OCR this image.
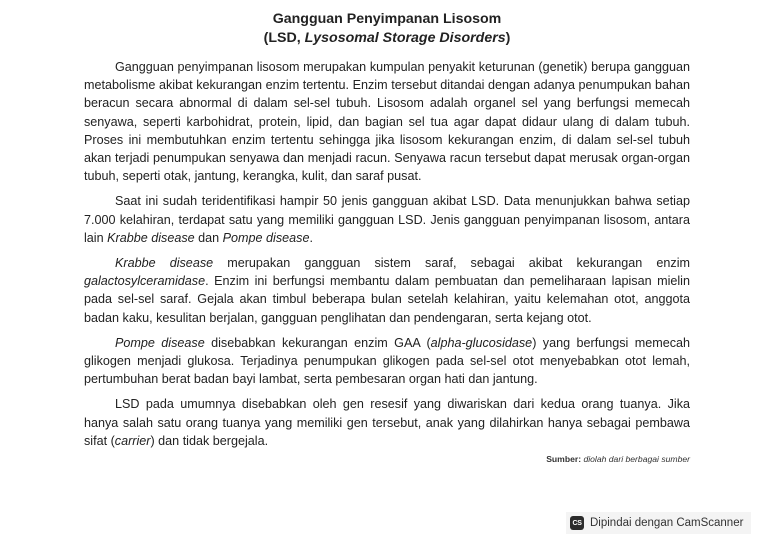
Gangguan Penyimpanan Lisosom
(LSD, Lysosomal Storage Disorders)

Gangguan penyimpanan lisosom merupakan kumpulan penyakit keturunan (genetik) berupa gangguan metabolisme akibat kekurangan enzim tertentu. Enzim tersebut ditandai dengan adanya penumpukan bahan beracun secara abnormal di dalam sel-sel tubuh. Lisosom adalah organel sel yang berfungsi memecah senyawa, seperti karbohidrat, protein, lipid, dan bagian sel tua agar dapat didaur ulang di dalam tubuh. Proses ini membutuhkan enzim tertentu sehingga jika lisosom kekurangan enzim, di dalam sel-sel tubuh akan terjadi penumpukan senyawa dan menjadi racun. Senyawa racun tersebut dapat merusak organ-organ tubuh, seperti otak, jantung, kerangka, kulit, dan saraf pusat.

Saat ini sudah teridentifikasi hampir 50 jenis gangguan akibat LSD. Data menunjukkan bahwa setiap 7.000 kelahiran, terdapat satu yang memiliki gangguan LSD. Jenis gangguan penyimpanan lisosom, antara lain Krabbe disease dan Pompe disease.

Krabbe disease merupakan gangguan sistem saraf, sebagai akibat kekurangan enzim galactosylceramidase. Enzim ini berfungsi membantu dalam pembuatan dan pemeliharaan lapisan mielin pada sel-sel saraf. Gejala akan timbul beberapa bulan setelah kelahiran, yaitu kelemahan otot, anggota badan kaku, kesulitan berjalan, gangguan penglihatan dan pendengaran, serta kejang otot.

Pompe disease disebabkan kekurangan enzim GAA (alpha-glucosidase) yang berfungsi memecah glikogen menjadi glukosa. Terjadinya penumpukan glikogen pada sel-sel otot menyebabkan otot lemah, pertumbuhan berat badan bayi lambat, serta pembesaran organ hati dan jantung.

LSD pada umumnya disebabkan oleh gen resesif yang diwariskan dari kedua orang tuanya. Jika hanya salah satu orang tuanya yang memiliki gen tersebut, anak yang dilahirkan hanya sebagai pembawa sifat (carrier) dan tidak bergejala.

Sumber: diolah dari berbagai sumber
CS Dipindai dengan CamScanner
